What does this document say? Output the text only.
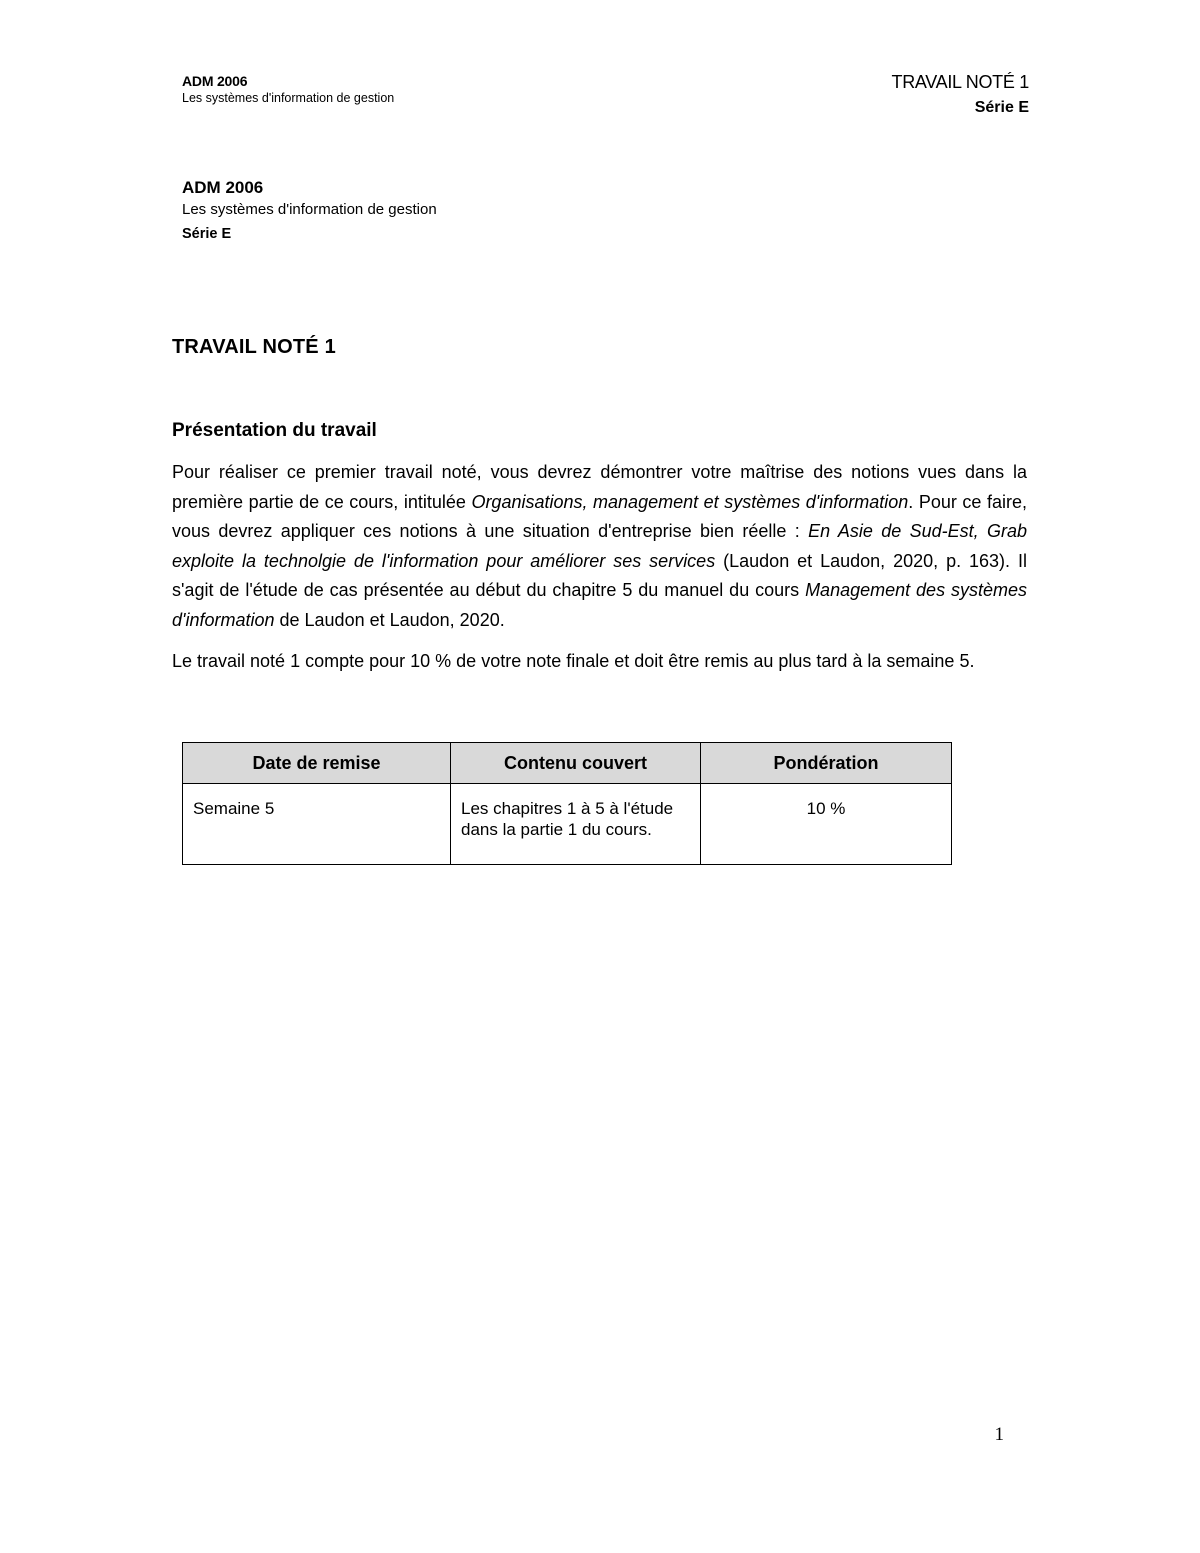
ADM 2006
Les systèmes d'information de gestion
TRAVAIL NOTÉ 1
Série E
ADM 2006
Les systèmes d'information de gestion
Série E
TRAVAIL NOTÉ 1
Présentation du travail

Pour réaliser ce premier travail noté, vous devrez démontrer votre maîtrise des notions vues dans la première partie de ce cours, intitulée Organisations, management et systèmes d'information. Pour ce faire, vous devrez appliquer ces notions à une situation d'entreprise bien réelle : En Asie de Sud-Est, Grab exploite la technolgie de l'information pour améliorer ses services (Laudon et Laudon, 2020, p. 163). Il s'agit de l'étude de cas présentée au début du chapitre 5 du manuel du cours Management des systèmes d'information de Laudon et Laudon, 2020.

Le travail noté 1 compte pour 10 % de votre note finale et doit être remis au plus tard à la semaine 5.

Date de remise	Contenu couvert	Pondération
Semaine 5	Les chapitres 1 à 5 à l'étude dans la partie 1 du cours.	10 %
1
